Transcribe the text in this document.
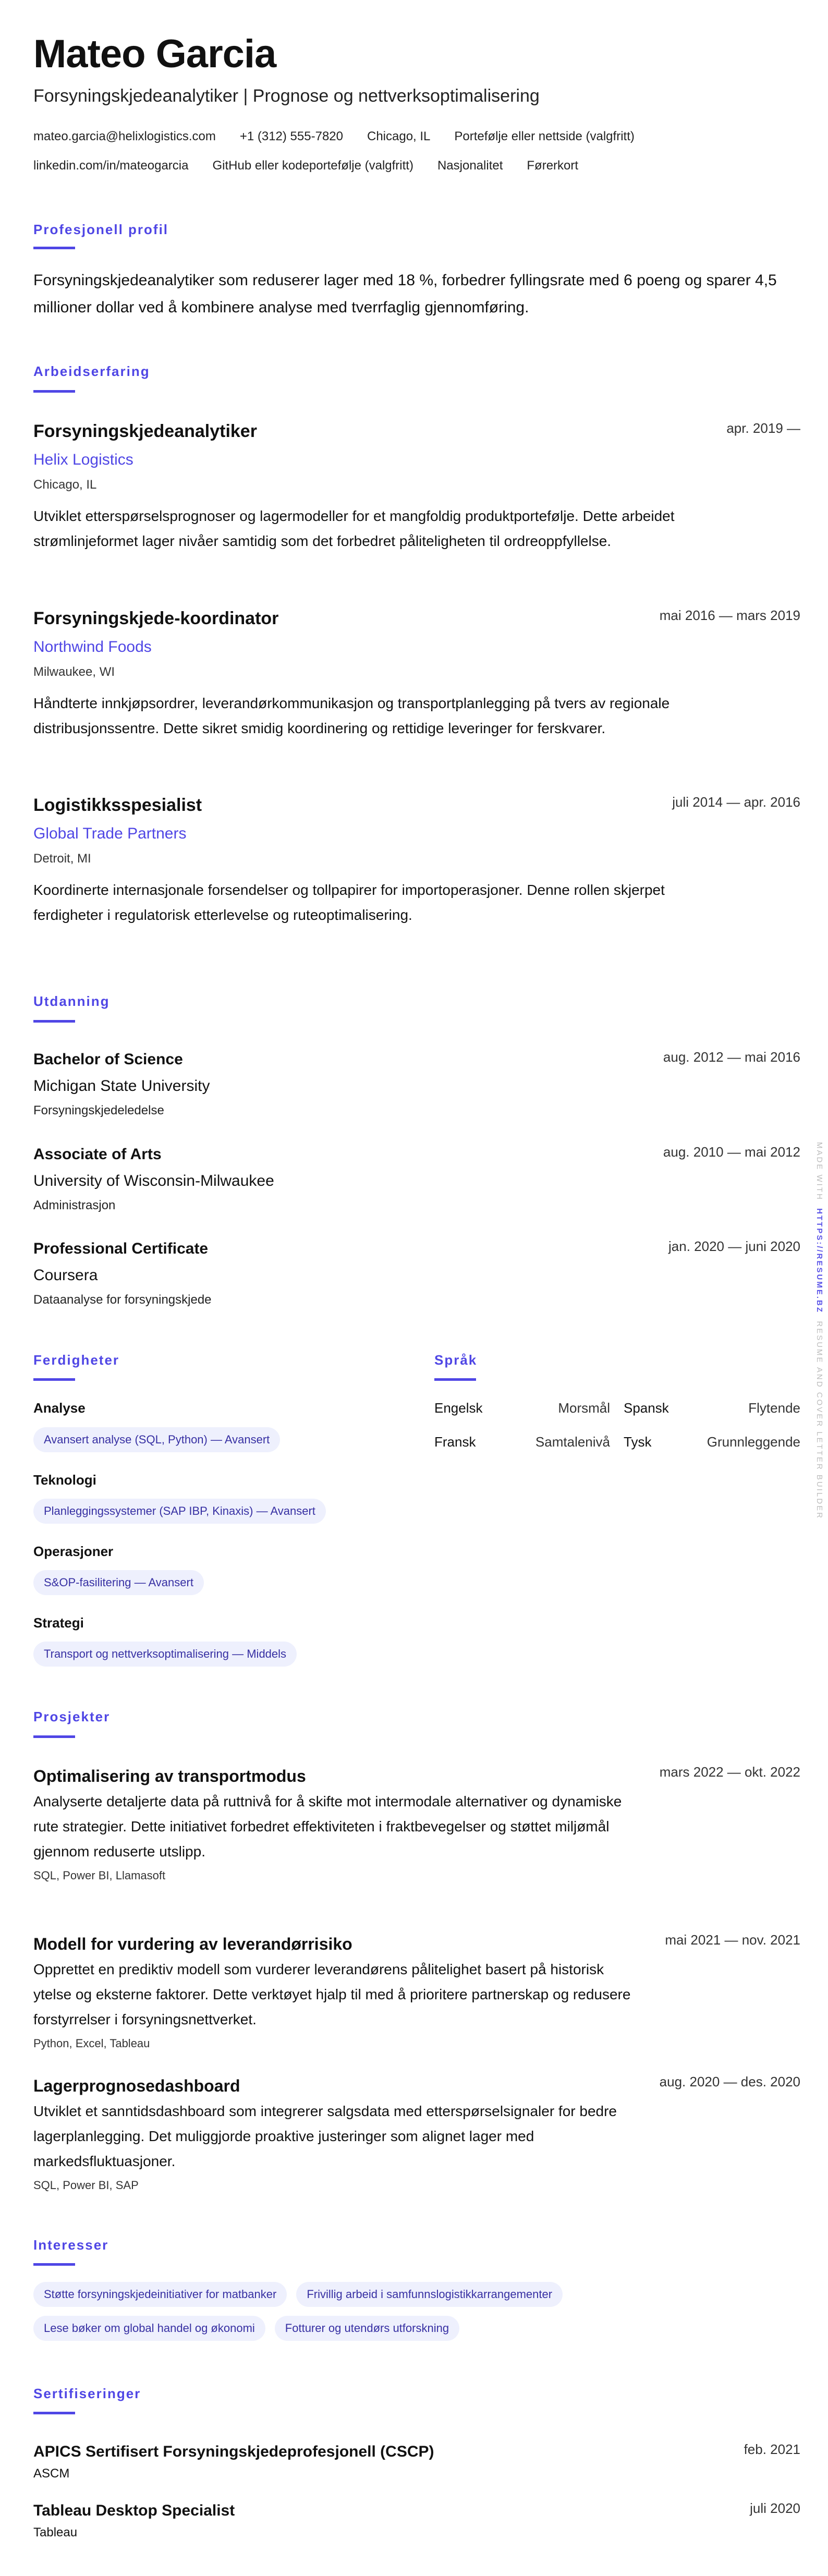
Mateo Garcia
Forsyningskjedeanalytiker | Prognose og nettverksoptimalisering
mateo.garcia@helixlogistics.com +1 (312) 555-7820 Chicago, IL Portefølje eller nettside (valgfritt)
linkedin.com/in/mateogarcia GitHub eller kodeportefølje (valgfritt) Nasjonalitet Førerkort
Profesjonell profil
Forsyningskjedeanalytiker som reduserer lager med 18 %, forbedrer fyllingsrate med 6 poeng og sparer 4,5 millioner dollar ved å kombinere analyse med tverrfaglig gjennomføring.
Arbeidserfaring
Forsyningskjedeanalytiker	apr. 2019 —
Helix Logistics
Chicago, IL
Utviklet etterspørselsprognoser og lagermodeller for et mangfoldig produktportefølje. Dette arbeidet strømlinjeformet lager nivåer samtidig som det forbedret påliteligheten til ordreoppfyllelse.
Forsyningskjede-koordinator	mai 2016 — mars 2019
Northwind Foods
Milwaukee, WI
Håndterte innkjøpsordrer, leverandørkommunikasjon og transportplanlegging på tvers av regionale distribusjonssentre. Dette sikret smidig koordinering og rettidige leveringer for ferskvarer.
Logistikksspesialist	juli 2014 — apr. 2016
Global Trade Partners
Detroit, MI
Koordinerte internasjonale forsendelser og tollpapirer for importoperasjoner. Denne rollen skjerpet ferdigheter i regulatorisk etterlevelse og ruteoptimalisering.
Utdanning
Bachelor of Science	aug. 2012 — mai 2016
Michigan State University
Forsyningskjedeledelse
Associate of Arts	aug. 2010 — mai 2012
University of Wisconsin-Milwaukee
Administrasjon
Professional Certificate	jan. 2020 — juni 2020
Coursera
Dataanalyse for forsyningskjede
Ferdigheter
Analyse
Avansert analyse (SQL, Python) — Avansert
Teknologi
Planleggingssystemer (SAP IBP, Kinaxis) — Avansert
Operasjoner
S&OP-fasilitering — Avansert
Strategi
Transport og nettverksoptimalisering — Middels
Språk
Engelsk	Morsmål Spansk	Flytende
Fransk	Samtalenivå Tysk	Grunnleggende
Prosjekter
Optimalisering av transportmodus	mars 2022 — okt. 2022
Analyserte detaljerte data på ruttnivå for å skifte mot intermodale alternativer og dynamiske rute strategier. Dette initiativet forbedret effektiviteten i fraktbevegelser og støttet miljømål gjennom reduserte utslipp.
SQL, Power BI, Llamasoft
Modell for vurdering av leverandørrisiko	mai 2021 — nov. 2021
Opprettet en prediktiv modell som vurderer leverandørens pålitelighet basert på historisk ytelse og eksterne faktorer. Dette verktøyet hjalp til med å prioritere partnerskap og redusere forstyrrelser i forsyningsnettverket.
Python, Excel, Tableau
Lagerprognosedashboard	aug. 2020 — des. 2020
Utviklet et sanntidsdashboard som integrerer salgsdata med etterspørselsignaler for bedre lagerplanlegging. Det muliggjorde proaktive justeringer som alignet lager med markedsfluktuasjoner.
SQL, Power BI, SAP
Interesser
Støtte forsyningskjedeinitiativer for matbanker	Frivillig arbeid i samfunnslogistikkarrangementer
Lese bøker om global handel og økonomi	Fotturer og utendørs utforskning
Sertifiseringer
APICS Sertifisert Forsyningskjedeprofesjonell (CSCP)	feb. 2021
ASCM
Tableau Desktop Specialist	juli 2020
Tableau
MADE WITH  HTTPS://RESUME.BZ  RESUME AND COVER LETTER BUILDER
